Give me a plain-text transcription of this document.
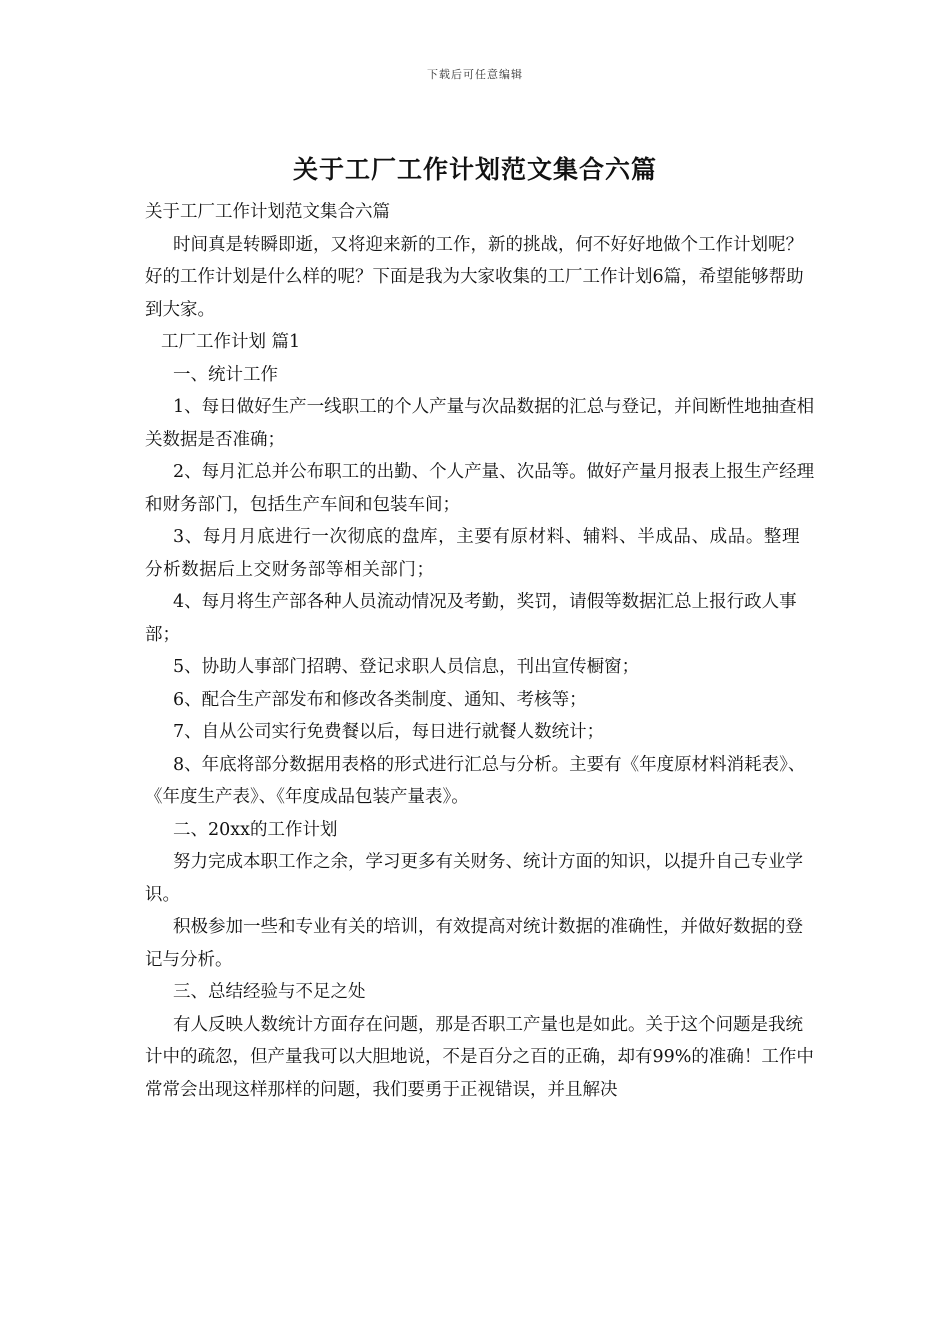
下载后可任意编辑
关于工厂工作计划范文集合六篇

关于工厂工作计划范文集合六篇

时间真是转瞬即逝，又将迎来新的工作，新的挑战，何不好好地做个工作计划呢？好的工作计划是什么样的呢？下面是我为大家收集的工厂工作计划6篇，希望能够帮助到大家。

工厂工作计划 篇1

一、统计工作

1、每日做好生产一线职工的个人产量与次品数据的汇总与登记，并间断性地抽查相关数据是否准确；

2、每月汇总并公布职工的出勤、个人产量、次品等。做好产量月报表上报生产经理和财务部门，包括生产车间和包装车间；

3、每月月底进行一次彻底的盘库，主要有原材料、辅料、半成品、成品。整理分析数据后上交财务部等相关部门；

4、每月将生产部各种人员流动情况及考勤，奖罚，请假等数据汇总上报行政人事部；

5、协助人事部门招聘、登记求职人员信息，刊出宣传橱窗；

6、配合生产部发布和修改各类制度、通知、考核等；

7、自从公司实行免费餐以后，每日进行就餐人数统计；

8、年底将部分数据用表格的形式进行汇总与分析。主要有《年度原材料消耗表》、《年度生产表》、《年度成品包装产量表》。

二、20xx的工作计划

努力完成本职工作之余，学习更多有关财务、统计方面的知识，以提升自己专业学识。

积极参加一些和专业有关的培训，有效提高对统计数据的准确性，并做好数据的登记与分析。

三、总结经验与不足之处

有人反映人数统计方面存在问题，那是否职工产量也是如此。关于这个问题是我统计中的疏忽，但产量我可以大胆地说，不是百分之百的正确，却有99%的准确！工作中常常会出现这样那样的问题，我们要勇于正视错误，并且解决
